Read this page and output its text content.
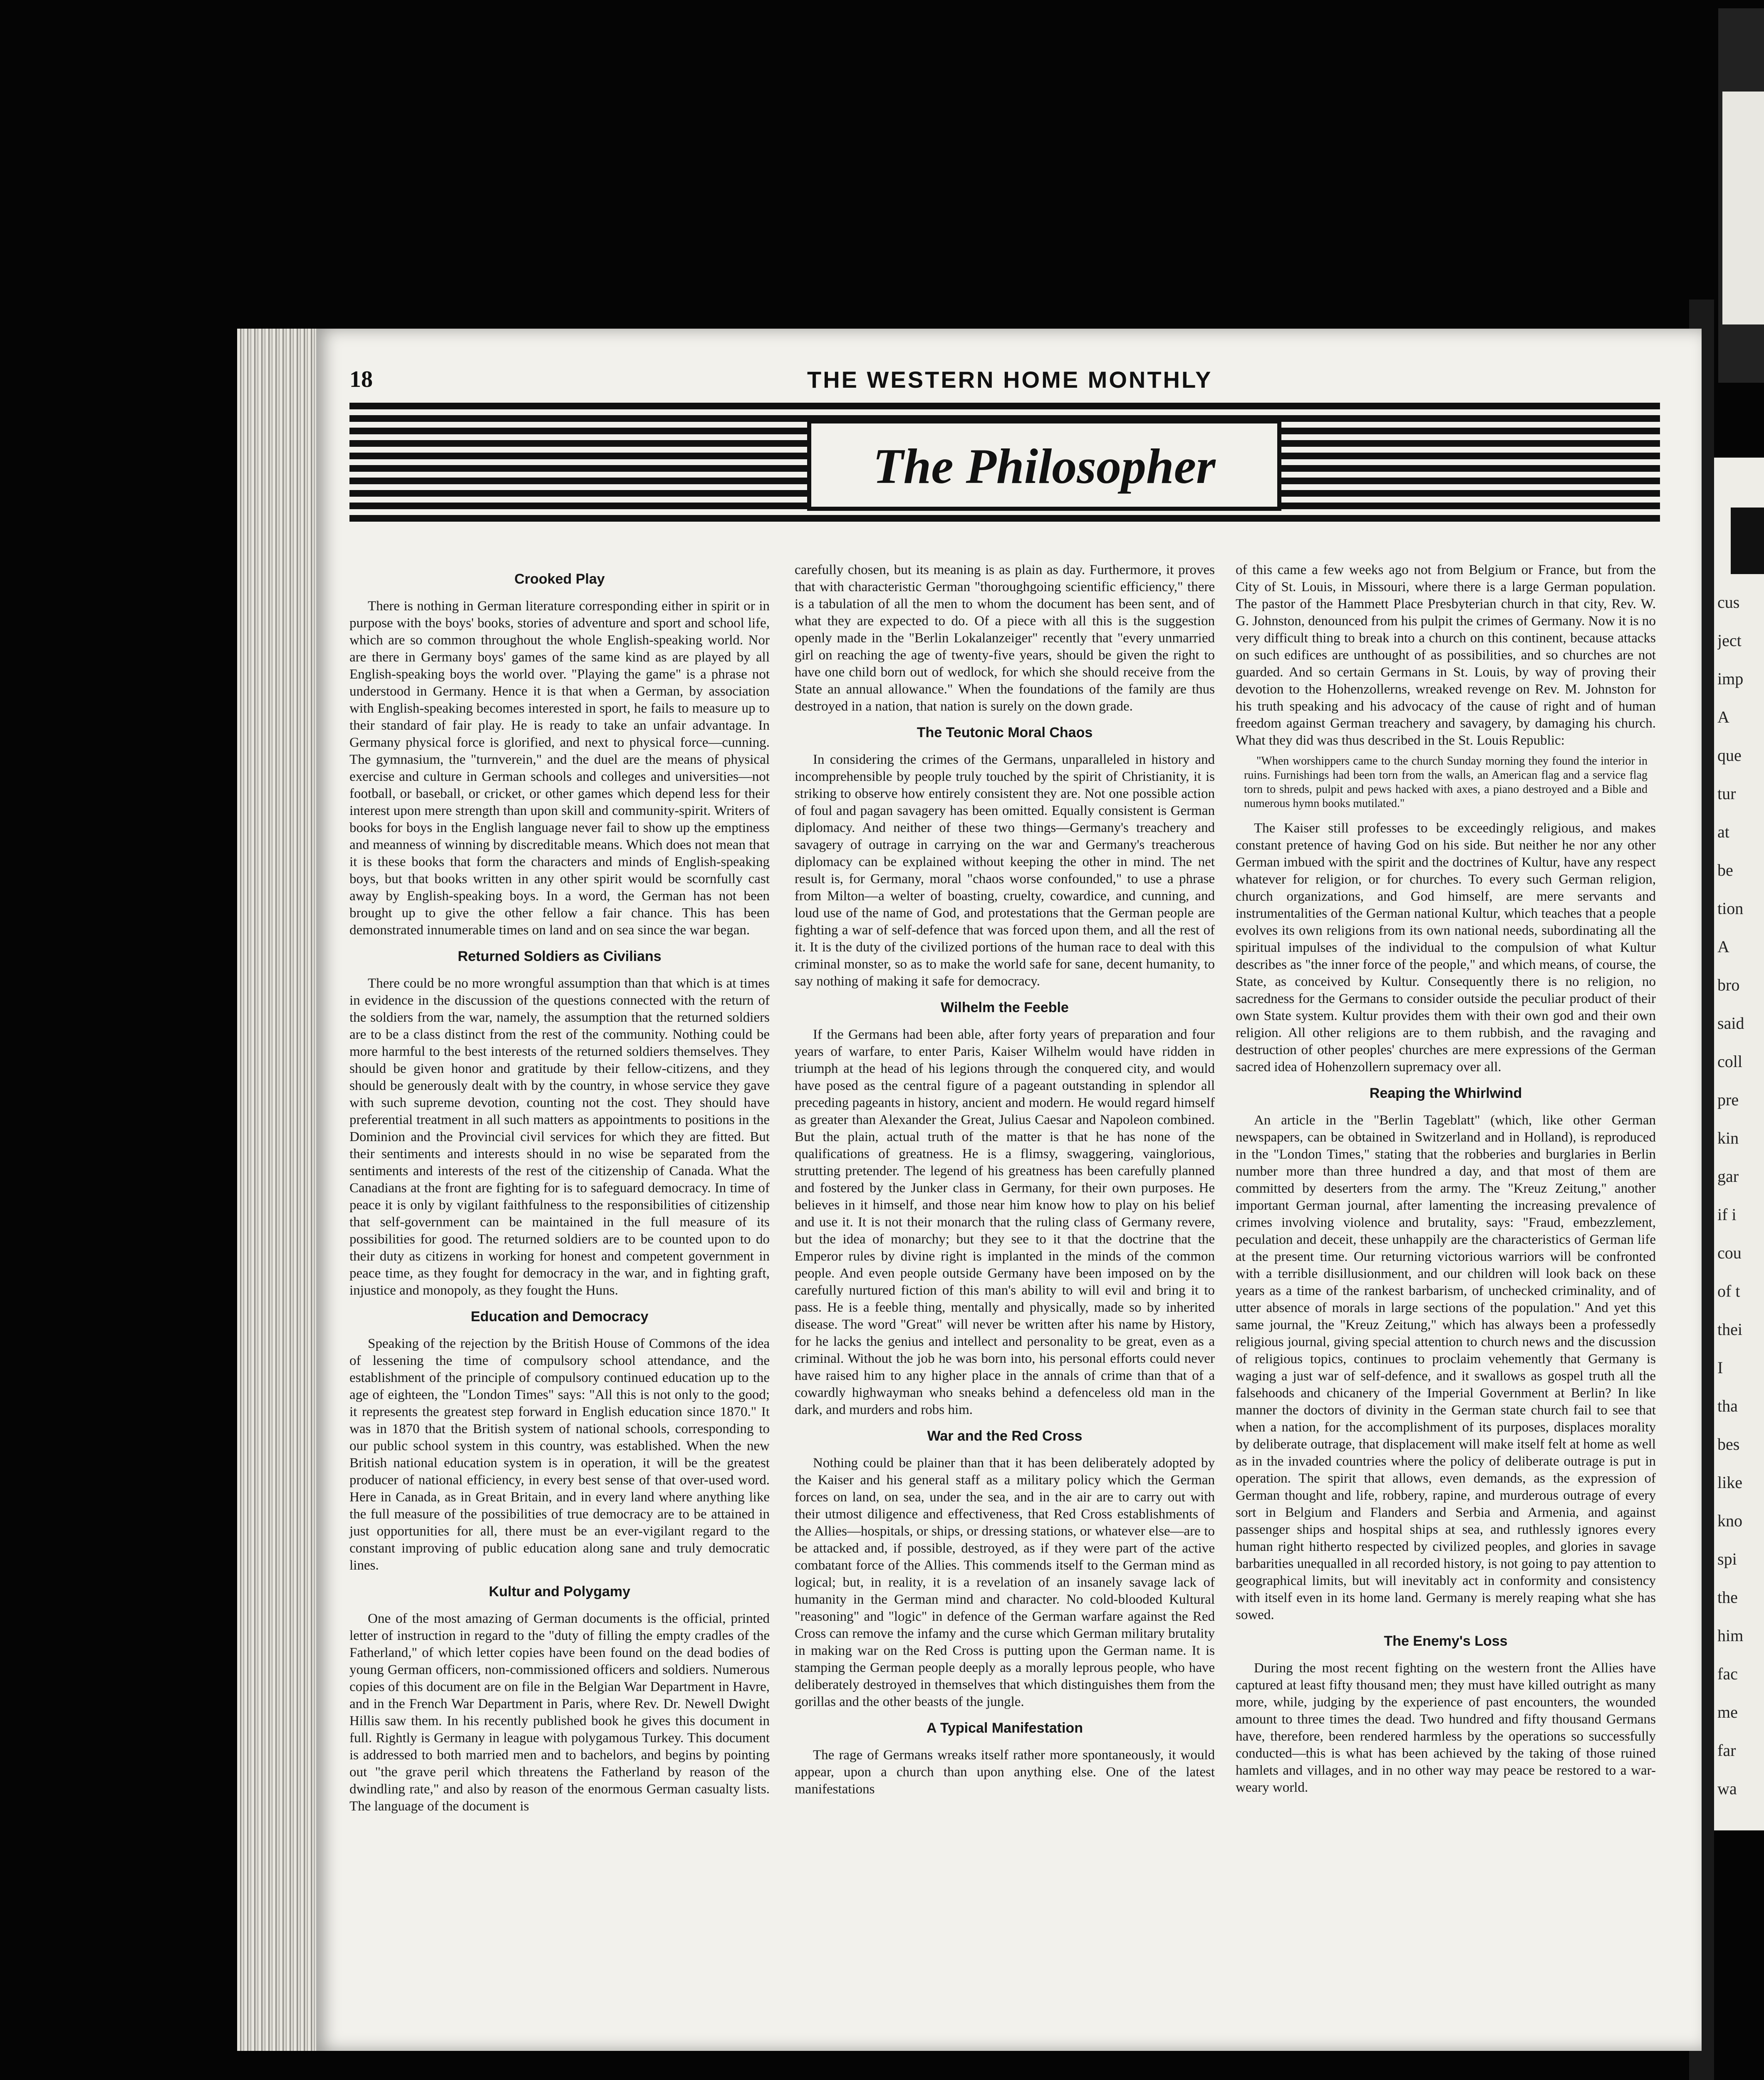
cus
ject
imp
A
que
tur
at
be
tion
A
bro
said
coll
pre
kin
gar
if i
cou
of t
thei
I
tha
bes
like
kno
spi
the
him
fac
me
far
wa
18	THE WESTERN HOME MONTHLY
The Philosopher
Crooked Play

There is nothing in German literature corresponding either in spirit or in purpose with the boys' books, stories of adventure and sport and school life, which are so common throughout the whole English-speaking world. Nor are there in Germany boys' games of the same kind as are played by all English-speaking boys the world over. "Playing the game" is a phrase not understood in Germany. Hence it is that when a German, by association with English-speaking becomes interested in sport, he fails to measure up to their standard of fair play. He is ready to take an unfair advantage. In Germany physical force is glorified, and next to physical force—cunning. The gymnasium, the "turnverein," and the duel are the means of physical exercise and culture in German schools and colleges and universities—not football, or baseball, or cricket, or other games which depend less for their interest upon mere strength than upon skill and community-spirit. Writers of books for boys in the English language never fail to show up the emptiness and meanness of winning by discreditable means. Which does not mean that it is these books that form the characters and minds of English-speaking boys, but that books written in any other spirit would be scornfully cast away by English-speaking boys. In a word, the German has not been brought up to give the other fellow a fair chance. This has been demonstrated innumerable times on land and on sea since the war began.

Returned Soldiers as Civilians

There could be no more wrongful assumption than that which is at times in evidence in the discussion of the questions connected with the return of the soldiers from the war, namely, the assumption that the returned soldiers are to be a class distinct from the rest of the community. Nothing could be more harmful to the best interests of the returned soldiers themselves. They should be given honor and gratitude by their fellow-citizens, and they should be generously dealt with by the country, in whose service they gave with such supreme devotion, counting not the cost. They should have preferential treatment in all such matters as appointments to positions in the Dominion and the Provincial civil services for which they are fitted. But their sentiments and interests should in no wise be separated from the sentiments and interests of the rest of the citizenship of Canada. What the Canadians at the front are fighting for is to safeguard democracy. In time of peace it is only by vigilant faithfulness to the responsibilities of citizenship that self-government can be maintained in the full measure of its possibilities for good. The returned soldiers are to be counted upon to do their duty as citizens in working for honest and competent government in peace time, as they fought for democracy in the war, and in fighting graft, injustice and monopoly, as they fought the Huns.

Education and Democracy

Speaking of the rejection by the British House of Commons of the idea of lessening the time of compulsory school attendance, and the establishment of the principle of compulsory continued education up to the age of eighteen, the "London Times" says: "All this is not only to the good; it represents the greatest step forward in English education since 1870." It was in 1870 that the British system of national schools, corresponding to our public school system in this country, was established. When the new British national education system is in operation, it will be the greatest producer of national efficiency, in every best sense of that over-used word. Here in Canada, as in Great Britain, and in every land where anything like the full measure of the possibilities of true democracy are to be attained in just opportunities for all, there must be an ever-vigilant regard to the constant improving of public education along sane and truly democratic lines.

Kultur and Polygamy

One of the most amazing of German documents is the official, printed letter of instruction in regard to the "duty of filling the empty cradles of the Fatherland," of which letter copies have been found on the dead bodies of young German officers, non-commissioned officers and soldiers. Numerous copies of this document are on file in the Belgian War Department in Havre, and in the French War Department in Paris, where Rev. Dr. Newell Dwight Hillis saw them. In his recently published book he gives this document in full. Rightly is Germany in league with polygamous Turkey. This document is addressed to both married men and to bachelors, and begins by pointing out "the grave peril which threatens the Fatherland by reason of the dwindling rate," and also by reason of the enormous German casualty lists. The language of the document is

carefully chosen, but its meaning is as plain as day. Furthermore, it proves that with characteristic German "thoroughgoing scientific efficiency," there is a tabulation of all the men to whom the document has been sent, and of what they are expected to do. Of a piece with all this is the suggestion openly made in the "Berlin Lokalanzeiger" recently that "every unmarried girl on reaching the age of twenty-five years, should be given the right to have one child born out of wedlock, for which she should receive from the State an annual allowance." When the foundations of the family are thus destroyed in a nation, that nation is surely on the down grade.

The Teutonic Moral Chaos

In considering the crimes of the Germans, unparalleled in history and incomprehensible by people truly touched by the spirit of Christianity, it is striking to observe how entirely consistent they are. Not one possible action of foul and pagan savagery has been omitted. Equally consistent is German diplomacy. And neither of these two things—Germany's treachery and savagery of outrage in carrying on the war and Germany's treacherous diplomacy can be explained without keeping the other in mind. The net result is, for Germany, moral "chaos worse confounded," to use a phrase from Milton—a welter of boasting, cruelty, cowardice, and cunning, and loud use of the name of God, and protestations that the German people are fighting a war of self-defence that was forced upon them, and all the rest of it. It is the duty of the civilized portions of the human race to deal with this criminal monster, so as to make the world safe for sane, decent humanity, to say nothing of making it safe for democracy.

Wilhelm the Feeble

If the Germans had been able, after forty years of preparation and four years of warfare, to enter Paris, Kaiser Wilhelm would have ridden in triumph at the head of his legions through the conquered city, and would have posed as the central figure of a pageant outstanding in splendor all preceding pageants in history, ancient and modern. He would regard himself as greater than Alexander the Great, Julius Caesar and Napoleon combined. But the plain, actual truth of the matter is that he has none of the qualifications of greatness. He is a flimsy, swaggering, vainglorious, strutting pretender. The legend of his greatness has been carefully planned and fostered by the Junker class in Germany, for their own purposes. He believes in it himself, and those near him know how to play on his belief and use it. It is not their monarch that the ruling class of Germany revere, but the idea of monarchy; but they see to it that the doctrine that the Emperor rules by divine right is implanted in the minds of the common people. And even people outside Germany have been imposed on by the carefully nurtured fiction of this man's ability to will evil and bring it to pass. He is a feeble thing, mentally and physically, made so by inherited disease. The word "Great" will never be written after his name by History, for he lacks the genius and intellect and personality to be great, even as a criminal. Without the job he was born into, his personal efforts could never have raised him to any higher place in the annals of crime than that of a cowardly highwayman who sneaks behind a defenceless old man in the dark, and murders and robs him.

War and the Red Cross

Nothing could be plainer than that it has been deliberately adopted by the Kaiser and his general staff as a military policy which the German forces on land, on sea, under the sea, and in the air are to carry out with their utmost diligence and effectiveness, that Red Cross establishments of the Allies—hospitals, or ships, or dressing stations, or whatever else—are to be attacked and, if possible, destroyed, as if they were part of the active combatant force of the Allies. This commends itself to the German mind as logical; but, in reality, it is a revelation of an insanely savage lack of humanity in the German mind and character. No cold-blooded Kultural "reasoning" and "logic" in defence of the German warfare against the Red Cross can remove the infamy and the curse which German military brutality in making war on the Red Cross is putting upon the German name. It is stamping the German people deeply as a morally leprous people, who have deliberately destroyed in themselves that which distinguishes them from the gorillas and the other beasts of the jungle.

A Typical Manifestation

The rage of Germans wreaks itself rather more spontaneously, it would appear, upon a church than upon anything else. One of the latest manifestations

of this came a few weeks ago not from Belgium or France, but from the City of St. Louis, in Missouri, where there is a large German population. The pastor of the Hammett Place Presbyterian church in that city, Rev. W. G. Johnston, denounced from his pulpit the crimes of Germany. Now it is no very difficult thing to break into a church on this continent, because attacks on such edifices are unthought of as possibilities, and so churches are not guarded. And so certain Germans in St. Louis, by way of proving their devotion to the Hohenzollerns, wreaked revenge on Rev. M. Johnston for his truth speaking and his advocacy of the cause of right and of human freedom against German treachery and savagery, by damaging his church. What they did was thus described in the St. Louis Republic:

"When worshippers came to the church Sunday morning they found the interior in ruins. Furnishings had been torn from the walls, an American flag and a service flag torn to shreds, pulpit and pews hacked with axes, a piano destroyed and a Bible and numerous hymn books mutilated."

The Kaiser still professes to be exceedingly religious, and makes constant pretence of having God on his side. But neither he nor any other German imbued with the spirit and the doctrines of Kultur, have any respect whatever for religion, or for churches. To every such German religion, church organizations, and God himself, are mere servants and instrumentalities of the German national Kultur, which teaches that a people evolves its own religions from its own national needs, subordinating all the spiritual impulses of the individual to the compulsion of what Kultur describes as "the inner force of the people," and which means, of course, the State, as conceived by Kultur. Consequently there is no religion, no sacredness for the Germans to consider outside the peculiar product of their own State system. Kultur provides them with their own god and their own religion. All other religions are to them rubbish, and the ravaging and destruction of other peoples' churches are mere expressions of the German sacred idea of Hohenzollern supremacy over all.

Reaping the Whirlwind

An article in the "Berlin Tageblatt" (which, like other German newspapers, can be obtained in Switzerland and in Holland), is reproduced in the "London Times," stating that the robberies and burglaries in Berlin number more than three hundred a day, and that most of them are committed by deserters from the army. The "Kreuz Zeitung," another important German journal, after lamenting the increasing prevalence of crimes involving violence and brutality, says: "Fraud, embezzlement, peculation and deceit, these unhappily are the characteristics of German life at the present time. Our returning victorious warriors will be confronted with a terrible disillusionment, and our children will look back on these years as a time of the rankest barbarism, of unchecked criminality, and of utter absence of morals in large sections of the population." And yet this same journal, the "Kreuz Zeitung," which has always been a professedly religious journal, giving special attention to church news and the discussion of religious topics, continues to proclaim vehemently that Germany is waging a just war of self-defence, and it swallows as gospel truth all the falsehoods and chicanery of the Imperial Government at Berlin? In like manner the doctors of divinity in the German state church fail to see that when a nation, for the accomplishment of its purposes, displaces morality by deliberate outrage, that displacement will make itself felt at home as well as in the invaded countries where the policy of deliberate outrage is put in operation. The spirit that allows, even demands, as the expression of German thought and life, robbery, rapine, and murderous outrage of every sort in Belgium and Flanders and Serbia and Armenia, and against passenger ships and hospital ships at sea, and ruthlessly ignores every human right hitherto respected by civilized peoples, and glories in savage barbarities unequalled in all recorded history, is not going to pay attention to geographical limits, but will inevitably act in conformity and consistency with itself even in its home land. Germany is merely reaping what she has sowed.

The Enemy's Loss

During the most recent fighting on the western front the Allies have captured at least fifty thousand men; they must have killed outright as many more, while, judging by the experience of past encounters, the wounded amount to three times the dead. Two hundred and fifty thousand Germans have, therefore, been rendered harmless by the operations so successfully conducted—this is what has been achieved by the taking of those ruined hamlets and villages, and in no other way may peace be restored to a war-weary world.
